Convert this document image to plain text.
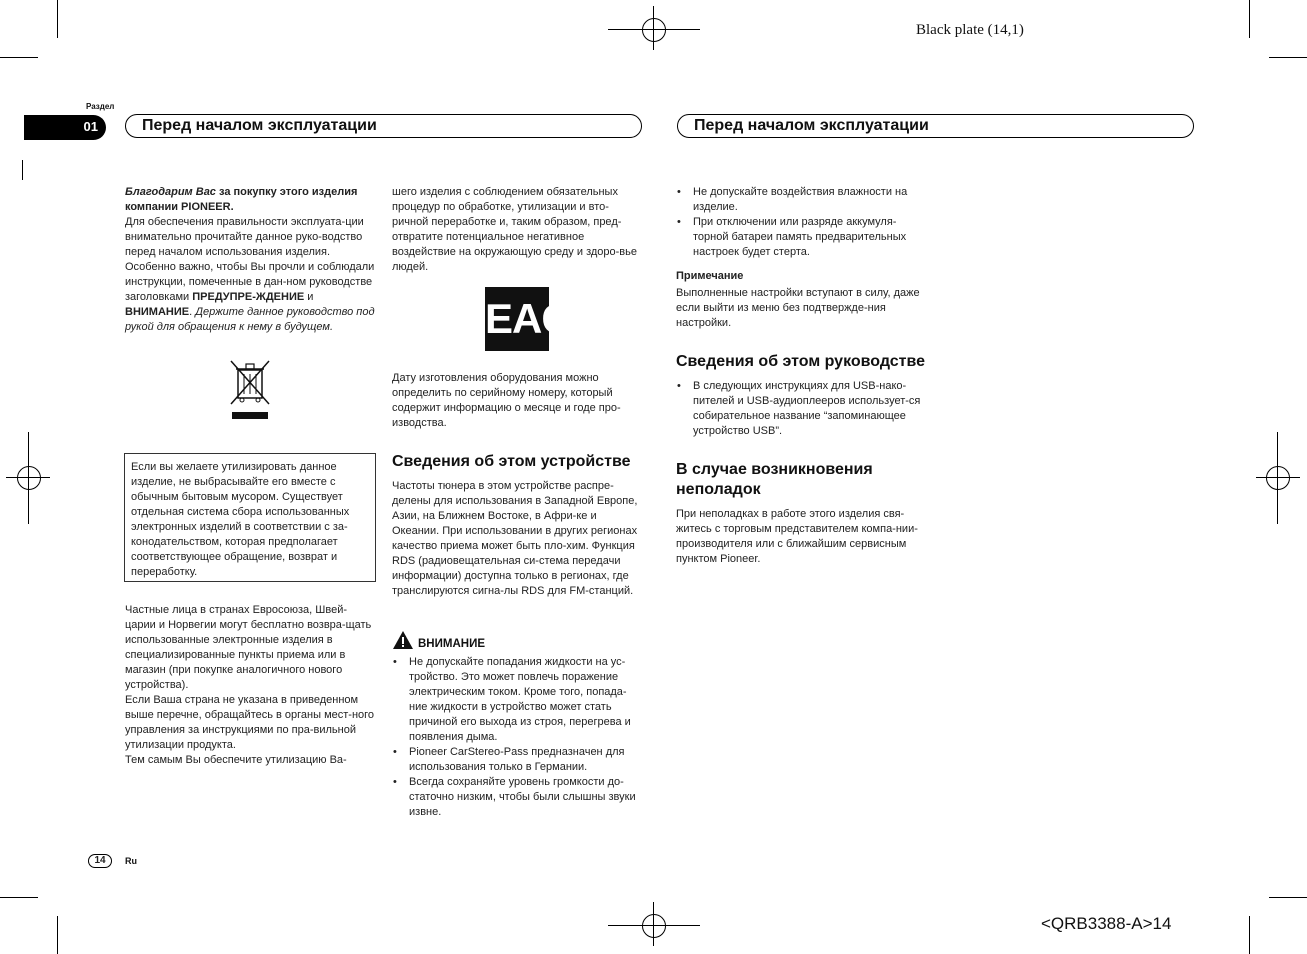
Black plate (14,1)
<QRB3388-A>14
Раздел
01	Перед началом эксплуатации	Перед началом эксплуатации

Благодарим Вас за покупку этого изделия компании PIONEER.

Для обеспечения правильности эксплуата-ции внимательно прочитайте данное руко-водство перед началом использования изделия. Особенно важно, чтобы Вы прочли и соблюдали инструкции, помеченные в дан-ном руководстве заголовками ПРЕДУПРЕ-ЖДЕНИЕ и ВНИМАНИЕ. Держите данное руководство под рукой для обращения к нему в будущем.

Если вы желаете утилизировать данное изделие, не выбрасывайте его вместе с обычным бытовым мусором. Существует отдельная система сбора использованных электронных изделий в соответствии с за-конодательством, которая предполагает соответствующее обращение, возврат и переработку.

Частные лица в странах Евросоюза, Швей-царии и Норвегии могут бесплатно возвра-щать использованные электронные изделия в специализированные пункты приема или в магазин (при покупке аналогичного нового устройства).

Если Ваша страна не указана в приведенном выше перечне, обращайтесь в органы мест-ного управления за инструкциями по пра-вильной утилизации продукта.

Тем самым Вы обеспечите утилизацию Ва-

шего изделия с соблюдением обязательных процедур по обработке, утилизации и вто-ричной переработке и, таким образом, пред-отвратите потенциальное негативное воздействие на окружающую среду и здоро-вье людей.

EAC

Дату изготовления оборудования можно определить по серийному номеру, который содержит информацию о месяце и годе про-изводства.

Сведения об этом устройстве

Частоты тюнера в этом устройстве распре-делены для использования в Западной Европе, Азии, на Ближнем Востоке, в Афри-ке и Океании. При использовании в других регионах качество приема может быть пло-хим. Функция RDS (радиовещательная си-стема передачи информации) доступна только в регионах, где транслируются сигна-лы RDS для FM-станций.

ВНИМАНИЕ
• Не допускайте попадания жидкости на ус-тройство. Это может повлечь поражение электрическим током. Кроме того, попада-ние жидкости в устройство может стать причиной его выхода из строя, перегрева и появления дыма.
• Pioneer CarStereo-Pass предназначен для использования только в Германии.
• Всегда сохраняйте уровень громкости до-статочно низким, чтобы были слышны звуки извне.
• Не допускайте воздействия влажности на изделие.
• При отключении или разряде аккумуля-торной батареи память предварительных настроек будет стерта.
Примечание

Выполненные настройки вступают в силу, даже если выйти из меню без подтвержде-ния настройки.

Сведения об этом руководстве
• В следующих инструкциях для USB-нако-пителей и USB-аудиоплееров использует-ся собирательное название “запоминающее устройство USB”.
В случае возникновения неполадок

При неполадках в работе этого изделия свя-житесь с торговым представителем компа-нии-производителя или с ближайшим сервисным пунктом Pioneer.

14	Ru
